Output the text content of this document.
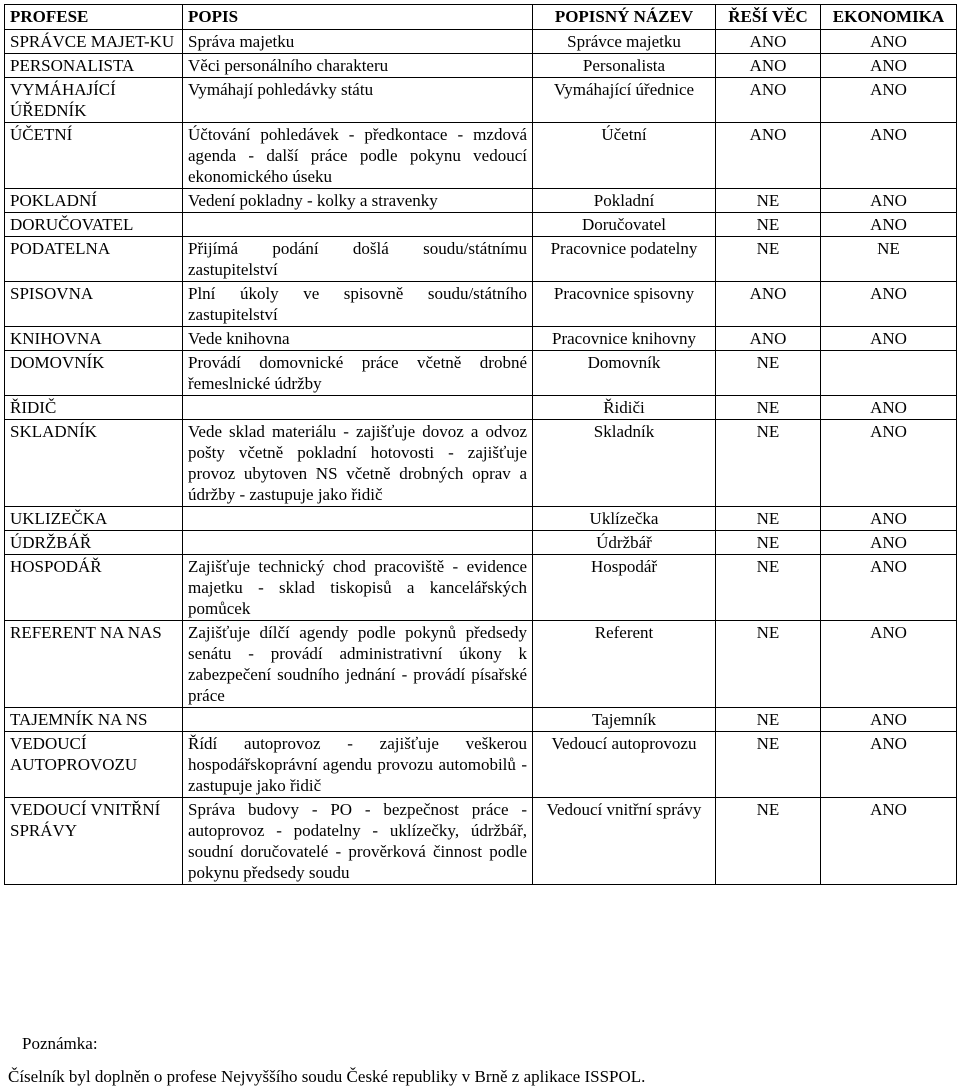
PROFESE	POPIS	POPISNÝ NÁZEV	ŘEŠÍ VĚC	EKONOMIKA
SPRÁVCE MAJET-KU	Správa majetku	Správce majetku	ANO	ANO
PERSONALISTA	Věci personálního charakteru	Personalista	ANO	ANO
VYMÁHAJÍCÍ ÚŘEDNÍK	Vymáhají pohledávky státu	Vymáhající úřednice	ANO	ANO
ÚČETNÍ	Účtování pohledávek - předkontace - mzdová agenda - další práce podle pokynu vedoucí ekonomického úseku	Účetní	ANO	ANO
POKLADNÍ	Vedení pokladny - kolky a stravenky	Pokladní	NE	ANO
DORUČOVATEL		Doručovatel	NE	ANO
PODATELNA	Přijímá podání došlá soudu/státnímu zastupitelství	Pracovnice podatelny	NE	NE
SPISOVNA	Plní úkoly ve spisovně soudu/státního zastupitelství	Pracovnice spisovny	ANO	ANO
KNIHOVNA	Vede knihovna	Pracovnice knihovny	ANO	ANO
DOMOVNÍK	Provádí domovnické práce včetně drobné řemeslnické údržby	Domovník	NE	
ŘIDIČ		Řidiči	NE	ANO
SKLADNÍK	Vede sklad materiálu - zajišťuje dovoz a odvoz pošty včetně pokladní hotovosti - zajišťuje provoz ubytoven NS včetně drobných oprav a údržby - zastupuje jako řidič	Skladník	NE	ANO
UKLIZEČKA		Uklízečka	NE	ANO
ÚDRŽBÁŘ		Údržbář	NE	ANO
HOSPODÁŘ	Zajišťuje technický chod pracoviště - evidence majetku - sklad tiskopisů a kancelářských pomůcek	Hospodář	NE	ANO
REFERENT NA NAS	Zajišťuje dílčí agendy podle pokynů předsedy senátu - provádí administrativní úkony k zabezpečení soudního jednání - provádí písařské práce	Referent	NE	ANO
TAJEMNÍK NA NS		Tajemník	NE	ANO
VEDOUCÍ AUTOPROVOZU	Řídí autoprovoz - zajišťuje veškerou hospodářskoprávní agendu provozu automobilů - zastupuje jako řidič	Vedoucí autoprovozu	NE	ANO
VEDOUCÍ VNITŘNÍ SPRÁVY	Správa budovy - PO - bezpečnost práce - autoprovoz - podatelny - uklízečky, údržbář, soudní doručovatelé - prověrková činnost podle pokynu předsedy soudu	Vedoucí vnitřní správy	NE	ANO
Poznámka:
Číselník byl doplněn o profese Nejvyššího soudu České republiky v Brně z aplikace ISSPOL.
